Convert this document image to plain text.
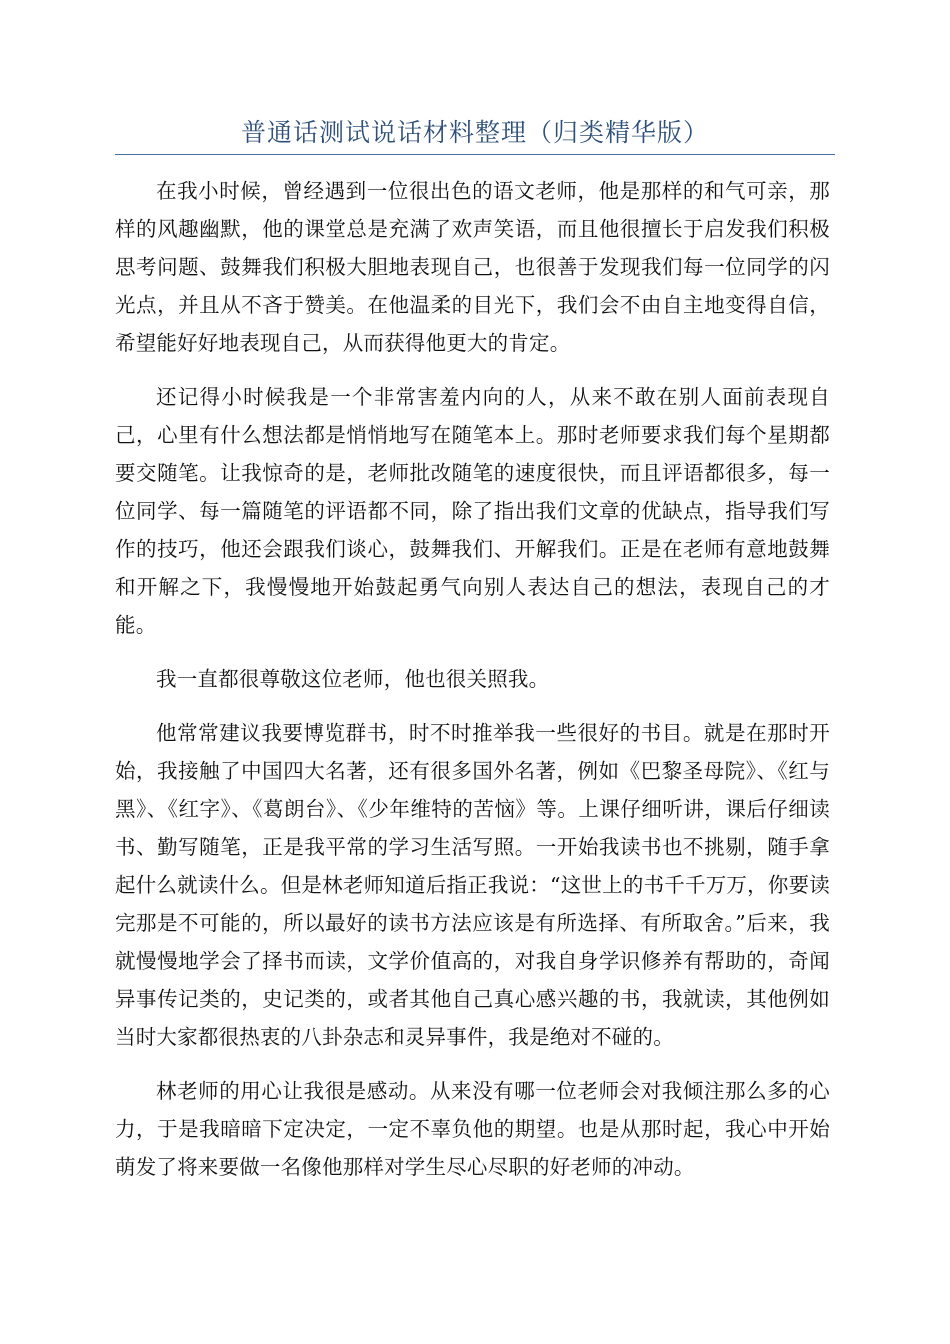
普通话测试说话材料整理（归类精华版）

在我小时候，曾经遇到一位很出色的语文老师，他是那样的和气可亲，那样的风趣幽默，他的课堂总是充满了欢声笑语，而且他很擅长于启发我们积极思考问题、鼓舞我们积极大胆地表现自己，也很善于发现我们每一位同学的闪光点，并且从不吝于赞美。在他温柔的目光下，我们会不由自主地变得自信，希望能好好地表现自己，从而获得他更大的肯定。

还记得小时候我是一个非常害羞内向的人，从来不敢在别人面前表现自己，心里有什么想法都是悄悄地写在随笔本上。那时老师要求我们每个星期都要交随笔。让我惊奇的是，老师批改随笔的速度很快，而且评语都很多，每一位同学、每一篇随笔的评语都不同，除了指出我们文章的优缺点，指导我们写作的技巧，他还会跟我们谈心，鼓舞我们、开解我们。正是在老师有意地鼓舞和开解之下，我慢慢地开始鼓起勇气向别人表达自己的想法，表现自己的才能。

我一直都很尊敬这位老师，他也很关照我。

他常常建议我要博览群书，时不时推举我一些很好的书目。就是在那时开始，我接触了中国四大名著，还有很多国外名著，例如《巴黎圣母院》、《红与黑》、《红字》、《葛朗台》、《少年维特的苦恼》等。上课仔细听讲，课后仔细读书、勤写随笔，正是我平常的学习生活写照。一开始我读书也不挑剔，随手拿起什么就读什么。但是林老师知道后指正我说：“这世上的书千千万万，你要读完那是不可能的，所以最好的读书方法应该是有所选择、有所取舍。”后来，我就慢慢地学会了择书而读，文学价值高的，对我自身学识修养有帮助的，奇闻异事传记类的，史记类的，或者其他自己真心感兴趣的书，我就读，其他例如当时大家都很热衷的八卦杂志和灵异事件，我是绝对不碰的。

林老师的用心让我很是感动。从来没有哪一位老师会对我倾注那么多的心力，于是我暗暗下定决定，一定不辜负他的期望。也是从那时起，我心中开始萌发了将来要做一名像他那样对学生尽心尽职的好老师的冲动。
